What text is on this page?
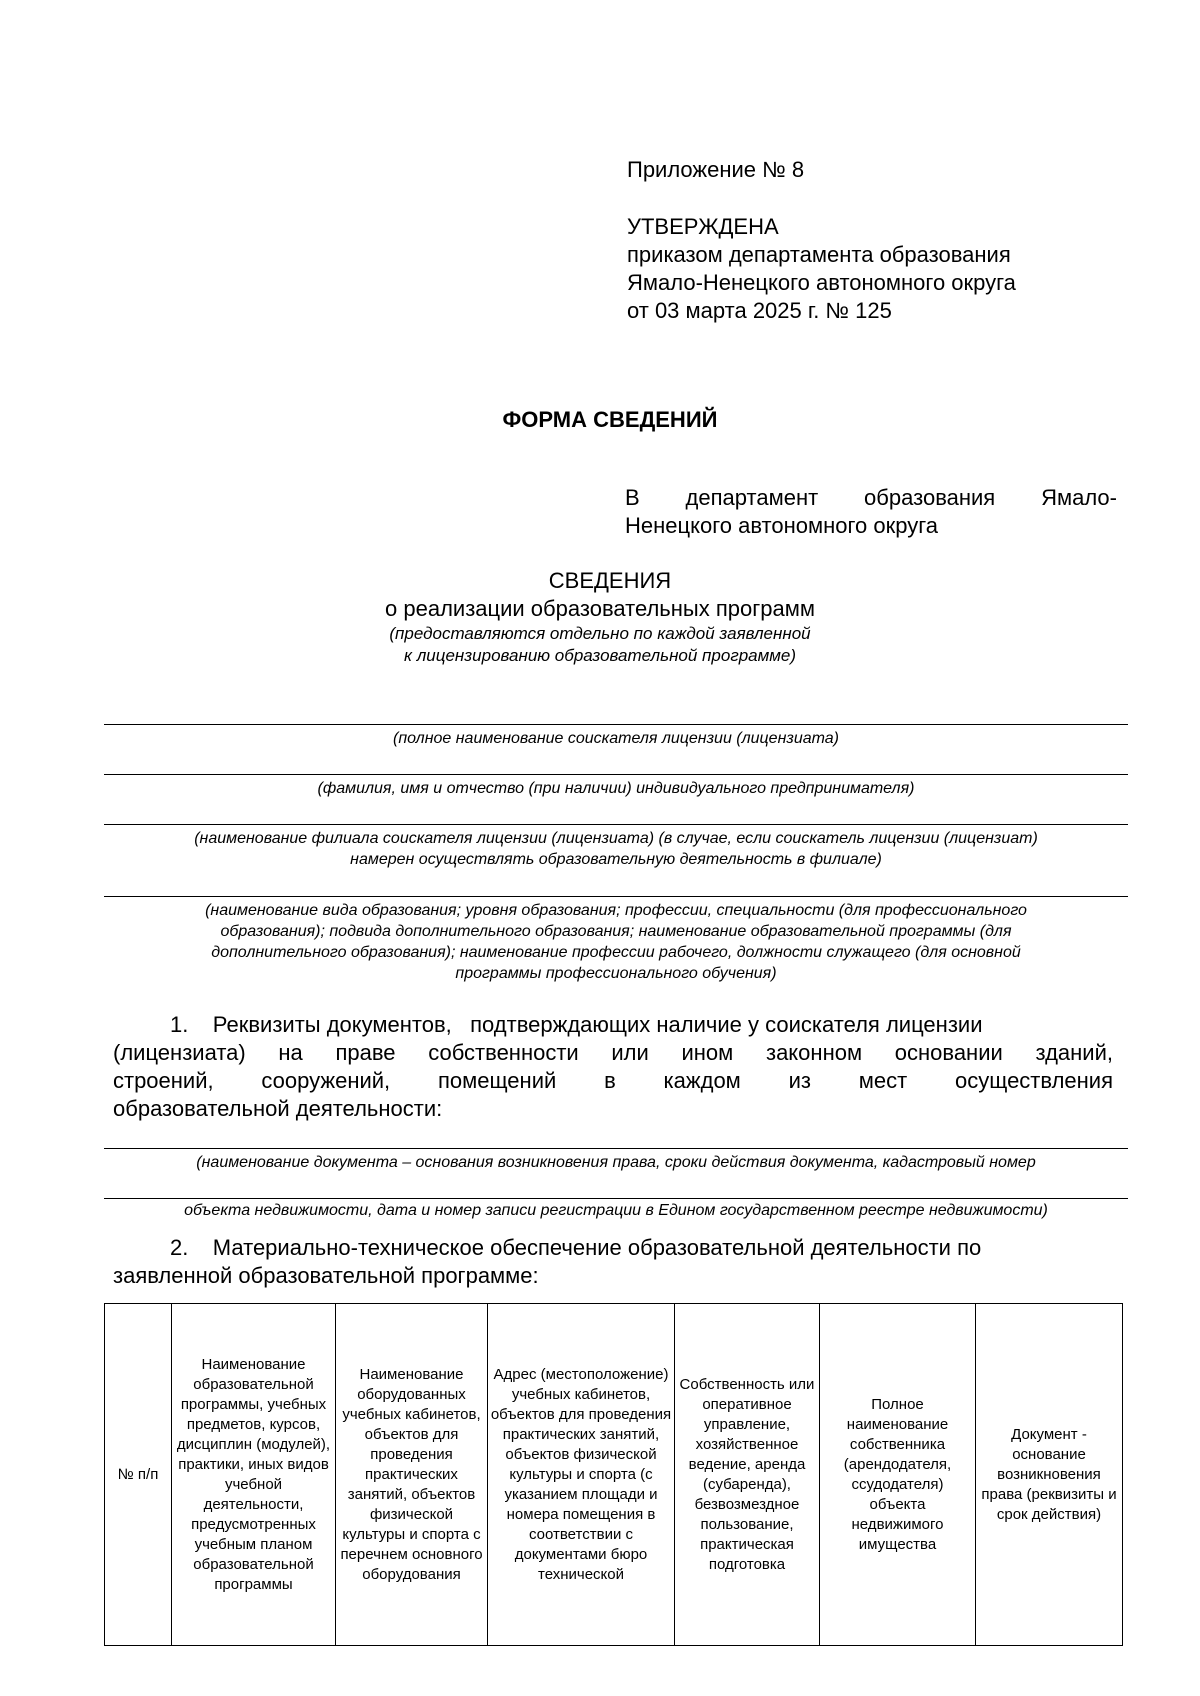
Приложение № 8
УТВЕРЖДЕНА
приказом департамента образования
Ямало-Ненецкого автономного округа
от 03 марта 2025 г. № 125
ФОРМА СВЕДЕНИЙ
В департамент образования Ямало-
Ненецкого автономного округа
СВЕДЕНИЯ
о реализации образовательных программ
(предоставляются отдельно по каждой заявленной
к лицензированию образовательной программе)
(полное наименование соискателя лицензии (лицензиата)
(фамилия, имя и отчество (при наличии) индивидуального предпринимателя)
(наименование филиала соискателя лицензии (лицензиата) (в случае, если соискатель лицензии (лицензиат)
намерен осуществлять образовательную деятельность в филиале)
(наименование вида образования; уровня образования; профессии, специальности (для профессионального
образования); подвида дополнительного образования; наименование образовательной программы (для
дополнительного образования); наименование профессии рабочего, должности служащего (для основной
программы профессионального обучения)
1.    Реквизиты документов,   подтверждающих наличие у соискателя лицензии
(лицензиата) на праве собственности или ином законном основании зданий,
строений, сооружений, помещений в каждом из мест осуществления
образовательной деятельности:
(наименование документа – основания возникновения права, сроки действия документа, кадастровый номер
объекта недвижимости, дата и номер записи регистрации в Едином государственном реестре недвижимости)
2.    Материально-техническое обеспечение образовательной деятельности по
заявленной образовательной программе:
№ п/п	Наименование образовательной программы, учебных предметов, курсов, дисциплин (модулей), практики, иных видов учебной деятельности, предусмотренных учебным планом образовательной программы	Наименование оборудованных учебных кабинетов, объектов для проведения практических занятий, объектов физической культуры и спорта с перечнем основного оборудования	Адрес (местоположение) учебных кабинетов, объектов для проведения практических занятий, объектов физической культуры и спорта (с указанием площади и номера помещения в соответствии с документами бюро технической	Собственность или оперативное управление, хозяйственное ведение, аренда (субаренда), безвозмездное пользование, практическая подготовка	Полное наименование собственника (арендодателя, ссудодателя) объекта недвижимого имущества	Документ - основание возникновения права (реквизиты и срок действия)
